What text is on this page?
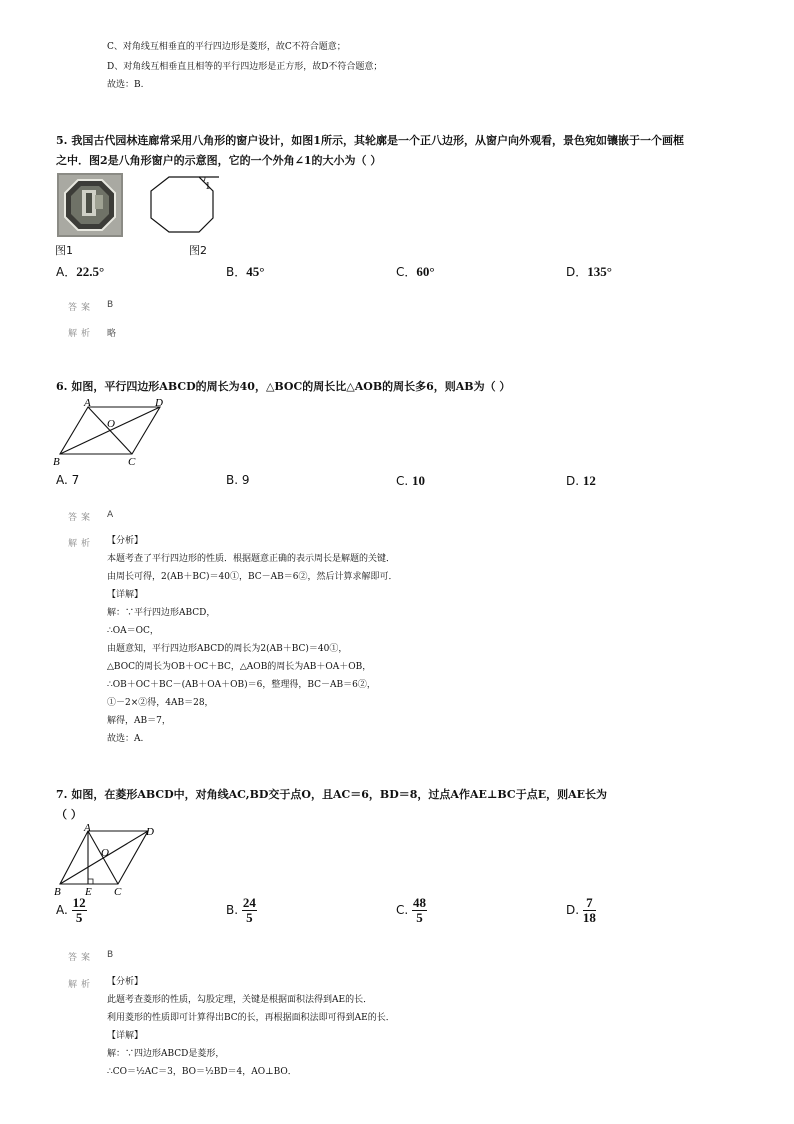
C、对角线互相垂直的平行四边形是菱形，故C不符合题意；
D、对角线互相垂直且相等的平行四边形是正方形，故D不符合题意；
故选：B.
5. 我国古代园林连廊常采用八角形的窗户设计，如图1所示，其轮廓是一个正八边形，从窗户向外观看，景色宛如镶嵌于一个画框
之中．图2是八角形窗户的示意图，它的一个外角∠1的大小为（ ）
1
图1	图2
A．22.5°	B．45°	C．60°	D．135°
答案 B
解析 略
6. 如图，平行四边形ABCD的周长为40，△BOC的周长比△AOB的周长多6，则AB为（ ）
A	D
B	C
O
A. 7	B. 9	C. 10	D. 12
答案 A
解析 【分析】
本题考查了平行四边形的性质．根据题意正确的表示周长是解题的关键．
由周长可得，2(AB＋BC)＝40①，BC－AB＝6②，然后计算求解即可．
【详解】
解：∵平行四边形ABCD，
∴OA＝OC，
由题意知，平行四边形ABCD的周长为2(AB＋BC)＝40①，
△BOC的周长为OB＋OC＋BC，△AOB的周长为AB＋OA＋OB，
∴OB＋OC＋BC－(AB＋OA＋OB)＝6，整理得，BC－AB＝6②，
①－2×②得，4AB＝28，
解得，AB＝7，
故选：A.
7. 如图，在菱形ABCD中，对角线AC,BD交于点O，且AC＝6，BD＝8，过点A作AE⊥BC于点E，则AE长为
（ ）
A	D
B E C
O
A. $\frac{12}{5}$	B. $\frac{24}{5}$	C. $\frac{48}{5}$	D. $\frac{7}{18}$
答案 B
解析 【分析】
此题考查菱形的性质，勾股定理，关键是根据面积法得到AE的长．
利用菱形的性质即可计算得出BC的长，再根据面积法即可得到AE的长．
【详解】
解：∵四边形ABCD是菱形，
∴CO＝½AC＝3，BO＝½BD＝4，AO⊥BO．
